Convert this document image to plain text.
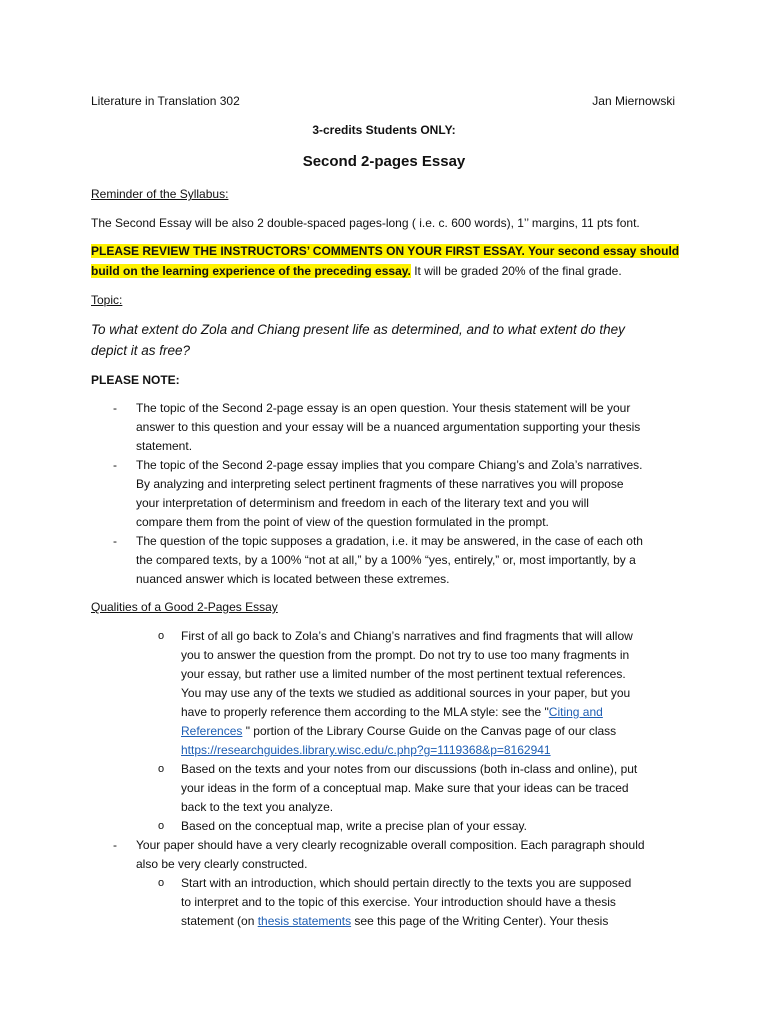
Literature in Translation 302	Jan Miernowski
3-credits Students ONLY:
Second 2-pages Essay
Reminder of the Syllabus:
The Second Essay will be also 2 double-spaced pages-long ( i.e. c. 600 words), 1’’ margins, 11 pts font.
PLEASE REVIEW THE INSTRUCTORS’ COMMENTS ON YOUR FIRST ESSAY. Your second essay should
build on the learning experience of the preceding essay. It will be graded 20% of the final grade.
Topic:
To what extent do Zola and Chiang present life as determined, and to what extent do they
depict it as free?
PLEASE NOTE:
- The topic of the Second 2-page essay is an open question. Your thesis statement will be your
answer to this question and your essay will be a nuanced argumentation supporting your thesis
statement.
- The topic of the Second 2-page essay implies that you compare Chiang’s and Zola’s narratives.
By analyzing and interpreting select pertinent fragments of these narratives you will propose
your interpretation of determinism and freedom in each of the literary text and you will
compare them from the point of view of the question formulated in the prompt.
- The question of the topic supposes a gradation, i.e. it may be answered, in the case of each oth
the compared texts, by a 100% “not at all,” by a 100% “yes, entirely,” or, most importantly, by a
nuanced answer which is located between these extremes.
Qualities of a Good 2-Pages Essay
o First of all go back to Zola’s and Chiang’s narratives and find fragments that will allow
you to answer the question from the prompt. Do not try to use too many fragments in
your essay, but rather use a limited number of the most pertinent textual references.
You may use any of the texts we studied as additional sources in your paper, but you
have to properly reference them according to the MLA style: see the "Citing and
References " portion of the Library Course Guide on the Canvas page of our class
https://researchguides.library.wisc.edu/c.php?g=1119368&p=8162941
o Based on the texts and your notes from our discussions (both in-class and online), put
your ideas in the form of a conceptual map. Make sure that your ideas can be traced
back to the text you analyze.
o Based on the conceptual map, write a precise plan of your essay.
- Your paper should have a very clearly recognizable overall composition. Each paragraph should
also be very clearly constructed.
o Start with an introduction, which should pertain directly to the texts you are supposed
to interpret and to the topic of this exercise. Your introduction should have a thesis
statement (on thesis statements see this page of the Writing Center). Your thesis
